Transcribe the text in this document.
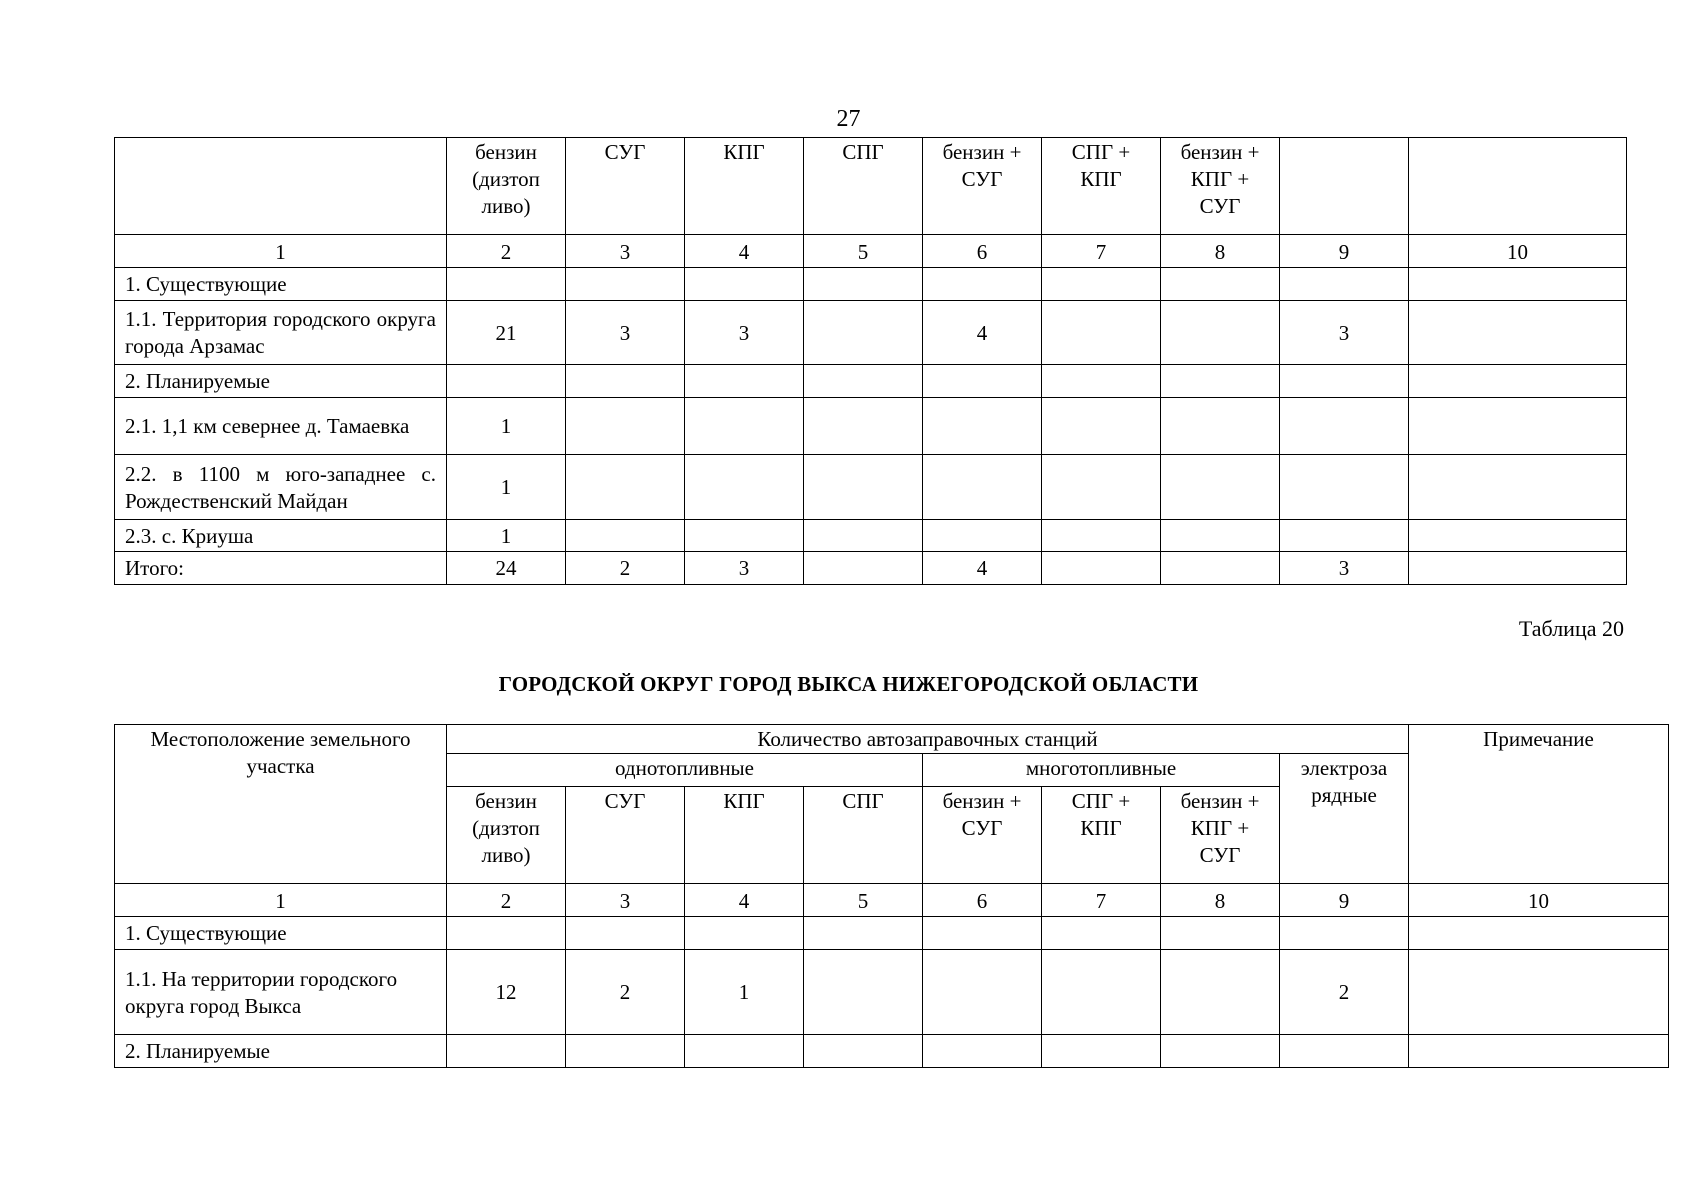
27
	бензин (дизтоп ливо)	СУГ	КПГ	СПГ	бензин + СУГ	СПГ + КПГ	бензин + КПГ + СУГ		
1	2	3	4	5	6	7	8	9	10
1. Существующие									
1.1. Территория городского округа города Арзамас	21	3	3		4			3	
2. Планируемые									
2.1. 1,1 км севернее д. Тамаевка	1								
2.2. в 1100 м юго-западнее с. Рождественский Майдан	1								
2.3. с. Криуша	1								
Итого:	24	2	3		4			3	
Таблица 20
ГОРОДСКОЙ ОКРУГ ГОРОД ВЫКСА НИЖЕГОРОДСКОЙ ОБЛАСТИ
Местоположение земельного участка	Количество автозаправочных станций								Примечание
	однотопливные				многотопливные			электроза рядные	
	бензин (дизтоп ливо)	СУГ	КПГ	СПГ	бензин + СУГ	СПГ + КПГ	бензин + КПГ + СУГ		
1	2	3	4	5	6	7	8	9	10
1. Существующие									
1.1. На территории городского округа город Выкса	12	2	1					2	
2. Планируемые									
